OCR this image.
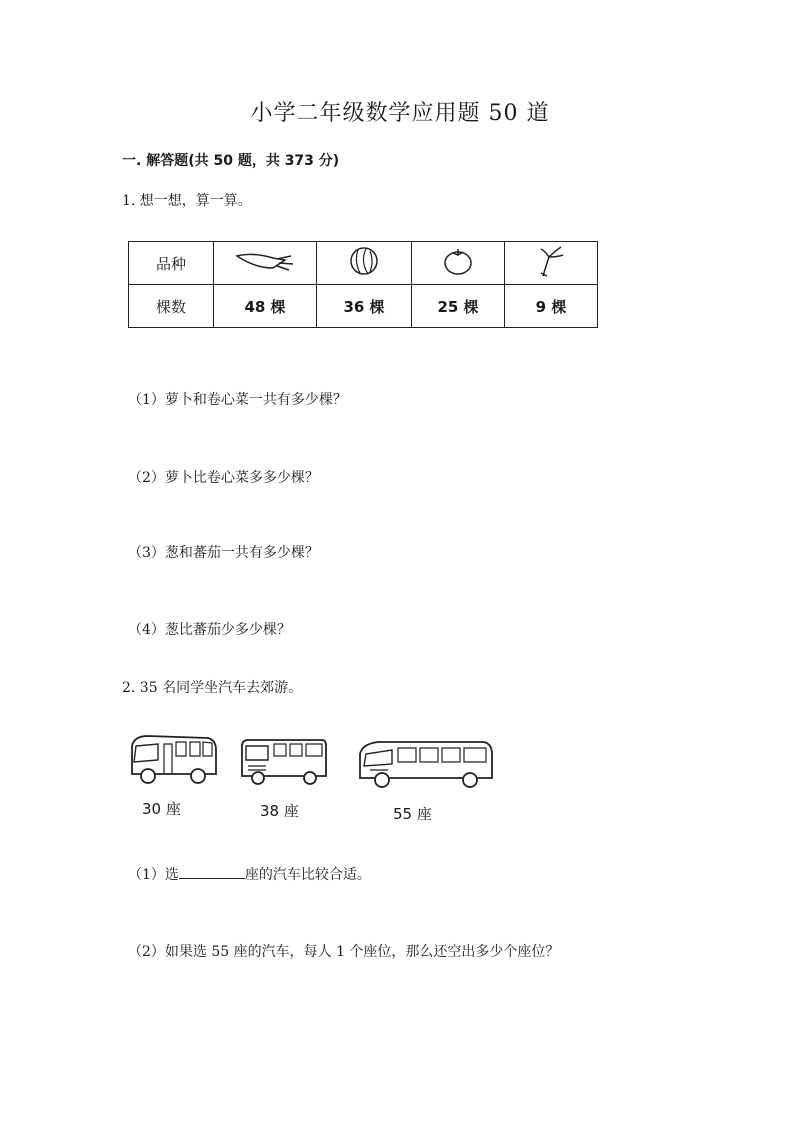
小学二年级数学应用题 50 道
一. 解答题(共 50 题，共 373 分)
1. 想一想，算一算。
品种				
棵数	48 棵	36 棵	25 棵	9 棵
（1）萝卜和卷心菜一共有多少棵？
（2）萝卜比卷心菜多多少棵？
（3）葱和蕃茄一共有多少棵？
（4）葱比蕃茄少多少棵？
2. 35 名同学坐汽车去郊游。
30 座	38 座	55 座
（1）选	座的汽车比较合适。
（2）如果选 55 座的汽车，每人 1 个座位，那么还空出多少个座位？
